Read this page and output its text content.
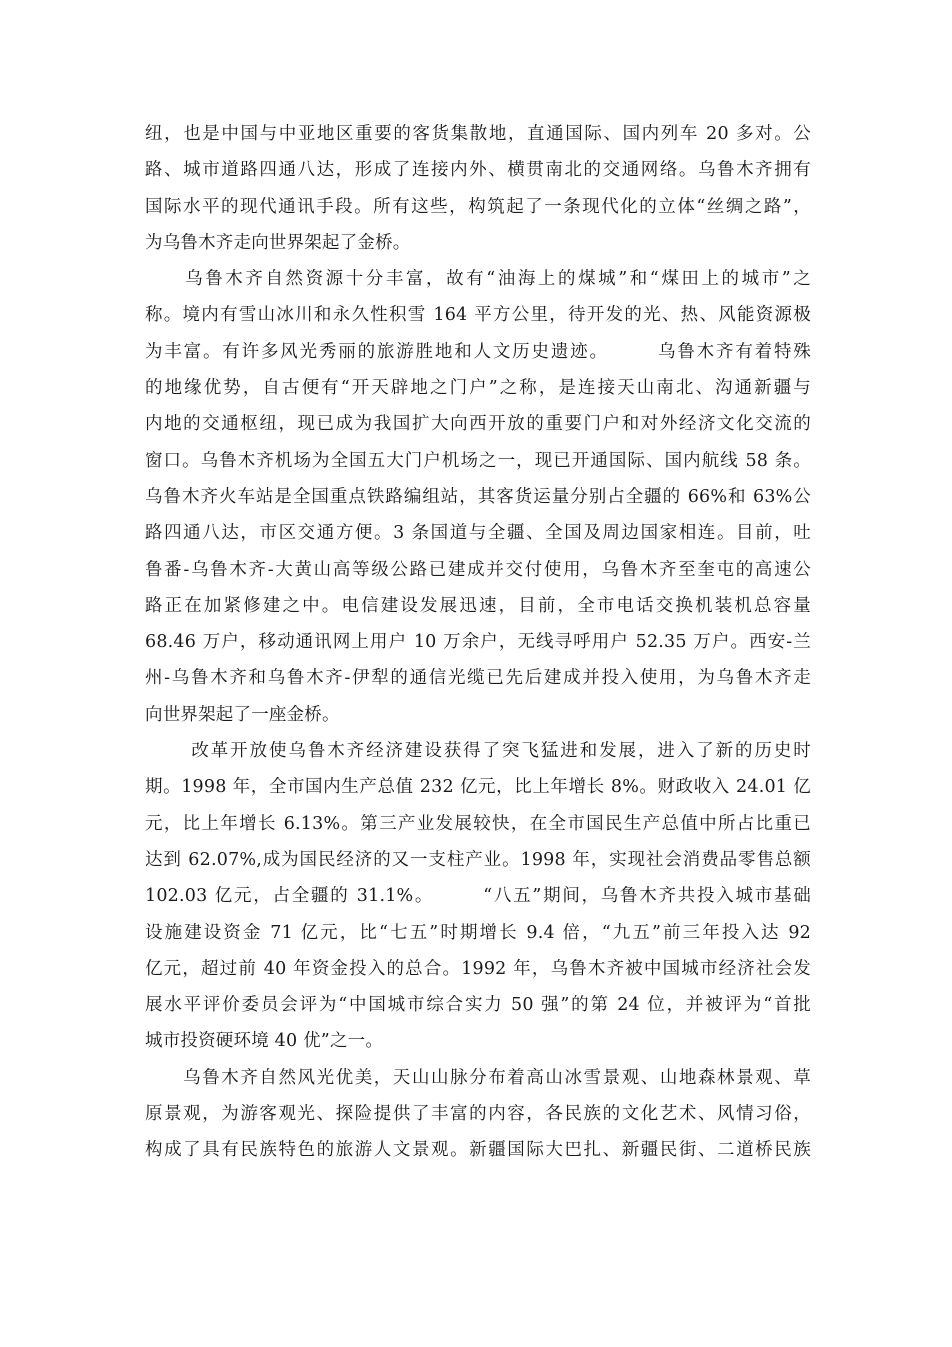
纽，也是中国与中亚地区重要的客货集散地，直通国际、国内列车 20 多对。公
路、城市道路四通八达，形成了连接内外、横贯南北的交通网络。乌鲁木齐拥有
国际水平的现代通讯手段。所有这些，构筑起了一条现代化的立体“丝绸之路”，
为乌鲁木齐走向世界架起了金桥。
　　乌鲁木齐自然资源十分丰富，故有“油海上的煤城”和“煤田上的城市”之
称。境内有雪山冰川和永久性积雪 164 平方公里，待开发的光、热、风能资源极
为丰富。有许多风光秀丽的旅游胜地和人文历史遗迹。　　　乌鲁木齐有着特殊
的地缘优势，自古便有“开天辟地之门户”之称，是连接天山南北、沟通新疆与
内地的交通枢纽，现已成为我国扩大向西开放的重要门户和对外经济文化交流的
窗口。乌鲁木齐机场为全国五大门户机场之一，现已开通国际、国内航线 58 条。
乌鲁木齐火车站是全国重点铁路编组站，其客货运量分别占全疆的 66%和 63%公
路四通八达，市区交通方便。3 条国道与全疆、全国及周边国家相连。目前，吐
鲁番-乌鲁木齐-大黄山高等级公路已建成并交付使用，乌鲁木齐至奎屯的高速公
路正在加紧修建之中。电信建设发展迅速，目前，全市电话交换机装机总容量
68.46 万户，移动通讯网上用户 10 万余户，无线寻呼用户 52.35 万户。西安-兰
州-乌鲁木齐和乌鲁木齐-伊犁的通信光缆已先后建成并投入使用，为乌鲁木齐走
向世界架起了一座金桥。
　　 改革开放使乌鲁木齐经济建设获得了突飞猛进和发展，进入了新的历史时
期。1998 年，全市国内生产总值 232 亿元，比上年增长 8%。财政收入 24.01 亿
元，比上年增长 6.13%。第三产业发展较快，在全市国民生产总值中所占比重已
达到 62.07%,成为国民经济的又一支柱产业。1998 年，实现社会消费品零售总额
102.03 亿元，占全疆的 31.1%。　　　“八五”期间，乌鲁木齐共投入城市基础
设施建设资金 71 亿元，比“七五”时期增长 9.4 倍，“九五”前三年投入达 92
亿元，超过前 40 年资金投入的总合。1992 年，乌鲁木齐被中国城市经济社会发
展水平评价委员会评为“中国城市综合实力 50 强”的第 24 位，并被评为“首批
城市投资硬环境 40 优”之一。
　　乌鲁木齐自然风光优美，天山山脉分布着高山冰雪景观、山地森林景观、草
原景观，为游客观光、探险提供了丰富的内容，各民族的文化艺术、风情习俗，
构成了具有民族特色的旅游人文景观。新疆国际大巴扎、新疆民街、二道桥民族
